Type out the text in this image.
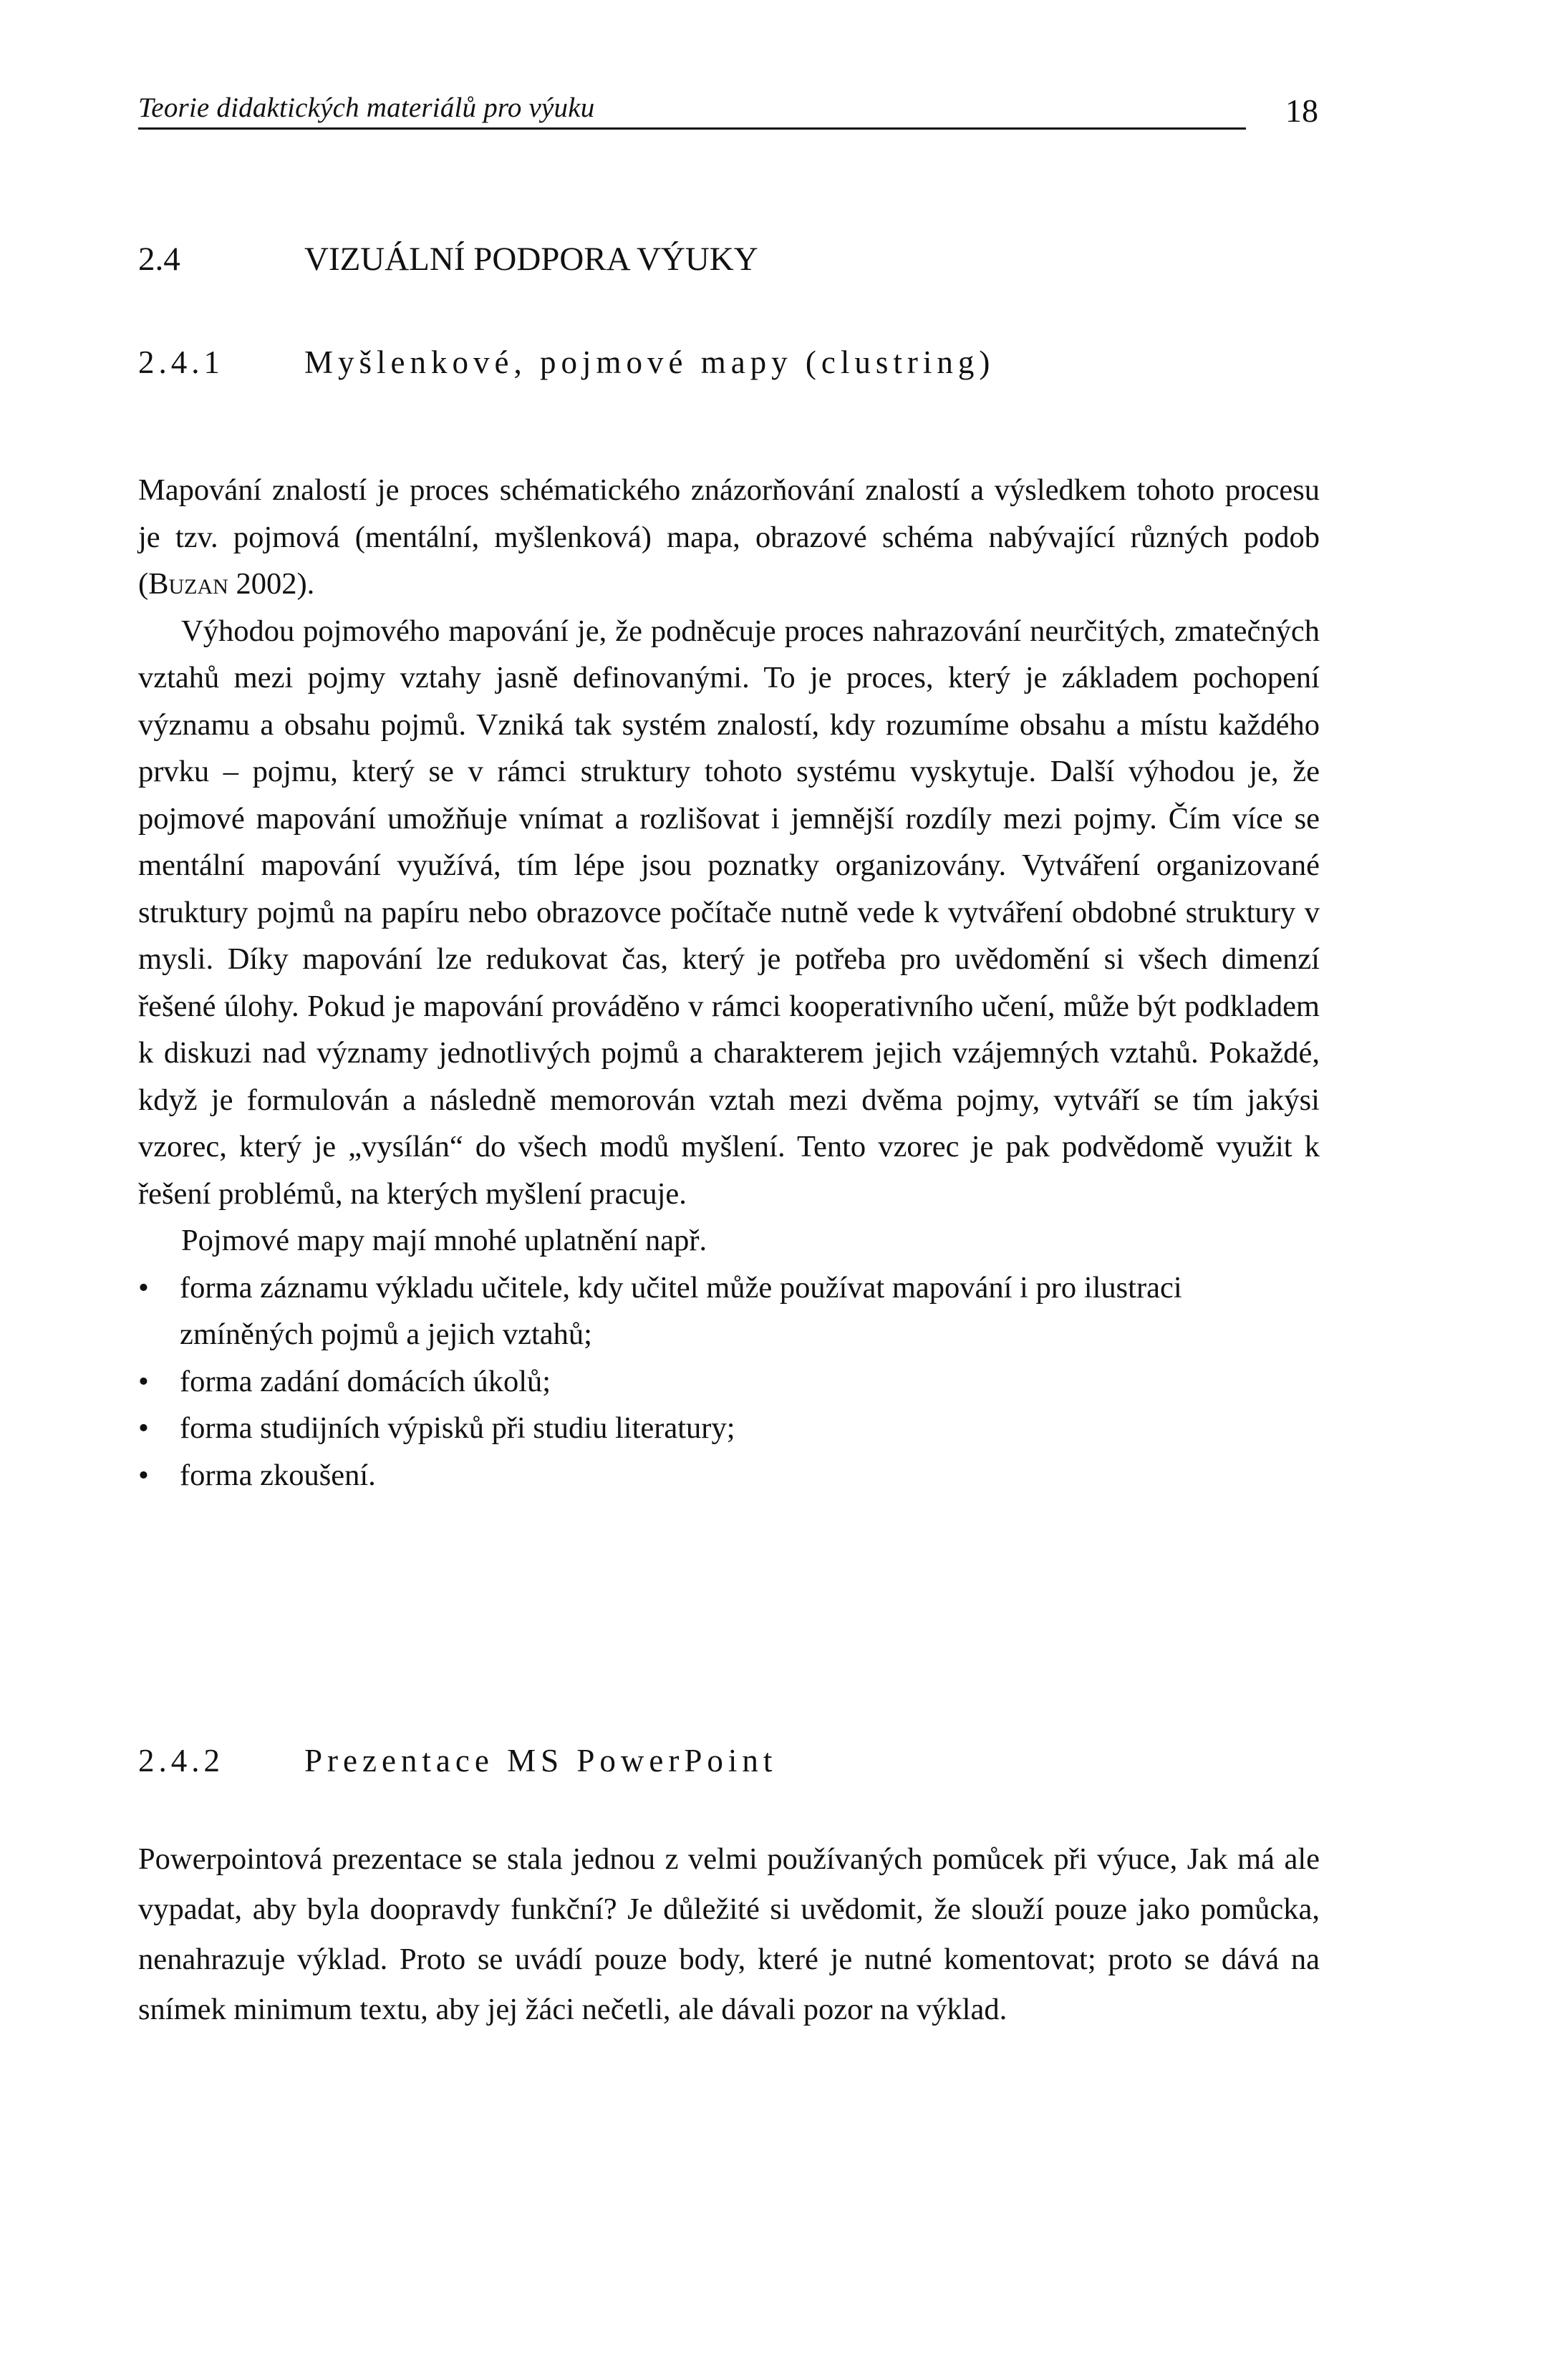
Teorie didaktických materiálů pro výuku	18
2.4	VIZUÁLNÍ PODPORA VÝUKY
2.4.1 Myšlenkové, pojmové mapy (clustring)

Mapování znalostí je proces schématického znázorňování znalostí a výsledkem tohoto procesu je tzv. pojmová (mentální, myšlenková) mapa, obrazové schéma nabývající různých podob (Buzan 2002).

Výhodou pojmového mapování je, že podněcuje proces nahrazování neurčitých, zmatečných vztahů mezi pojmy vztahy jasně definovanými. To je proces, který je základem pochopení významu a obsahu pojmů. Vzniká tak systém znalostí, kdy rozumíme obsahu a místu každého prvku – pojmu, který se v rámci struktury tohoto systému vyskytuje. Další výhodou je, že pojmové mapování umožňuje vnímat a rozlišovat i jemnější rozdíly mezi pojmy. Čím více se mentální mapování využívá, tím lépe jsou poznatky organizovány. Vytváření organizované struktury pojmů na papíru nebo obrazovce počítače nutně vede k vytváření obdobné struktury v mysli. Díky mapování lze redukovat čas, který je potřeba pro uvědomění si všech dimenzí řešené úlohy. Pokud je mapování prováděno v rámci kooperativního učení, může být podkladem k diskuzi nad významy jednotlivých pojmů a charakterem jejich vzájemných vztahů. Pokaždé, když je formulován a následně memorován vztah mezi dvěma pojmy, vytváří se tím jakýsi vzorec, který je „vysílán“ do všech modů myšlení. Tento vzorec je pak podvědomě využit k řešení problémů, na kterých myšlení pracuje.

Pojmové mapy mají mnohé uplatnění např.

• forma záznamu výkladu učitele, kdy učitel může používat mapování i pro ilustraci zmíněných pojmů a jejich vztahů;
• forma zadání domácích úkolů;
• forma studijních výpisků při studiu literatury;
• forma zkoušení.
2.4.2 Prezentace MS PowerPoint

Powerpointová prezentace se stala jednou z velmi používaných pomůcek při výuce, Jak má ale vypadat, aby byla doopravdy funkční? Je důležité si uvědomit, že slouží pouze jako pomůcka, nenahrazuje výklad. Proto se uvádí pouze body, které je nutné komentovat; proto se dává na snímek minimum textu, aby jej žáci nečetli, ale dávali pozor na výklad.
